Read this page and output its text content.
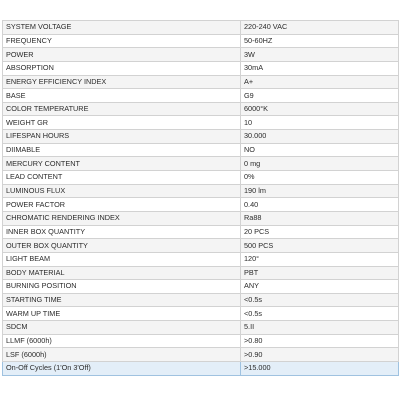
SYSTEM VOLTAGE	220-240 VAC
FREQUENCY	50-60HZ
POWER	3W
ABSORPTION	30mA
ENERGY EFFICIENCY INDEX	A+
BASE	G9
COLOR TEMPERATURE	6000°K
WEIGHT GR	10
LIFESPAN HOURS	30.000
DIIMABLE	NO
MERCURY CONTENT	0 mg
LEAD CONTENT	0%
LUMINOUS FLUX	190 lm
POWER FACTOR	0.40
CHROMATIC RENDERING INDEX	Ra88
INNER BOX QUANTITY	20 PCS
OUTER BOX QUANTITY	500 PCS
LIGHT BEAM	120°
BODY MATERIAL	PBT
BURNING POSITION	ANY
STARTING TIME	<0.5s
WARM UP TIME	<0.5s
SDCM	5.II
LLMF (6000h)	>0.80
LSF (6000h)	>0.90
On-Off Cycles (1'On 3'Off)	>15.000
